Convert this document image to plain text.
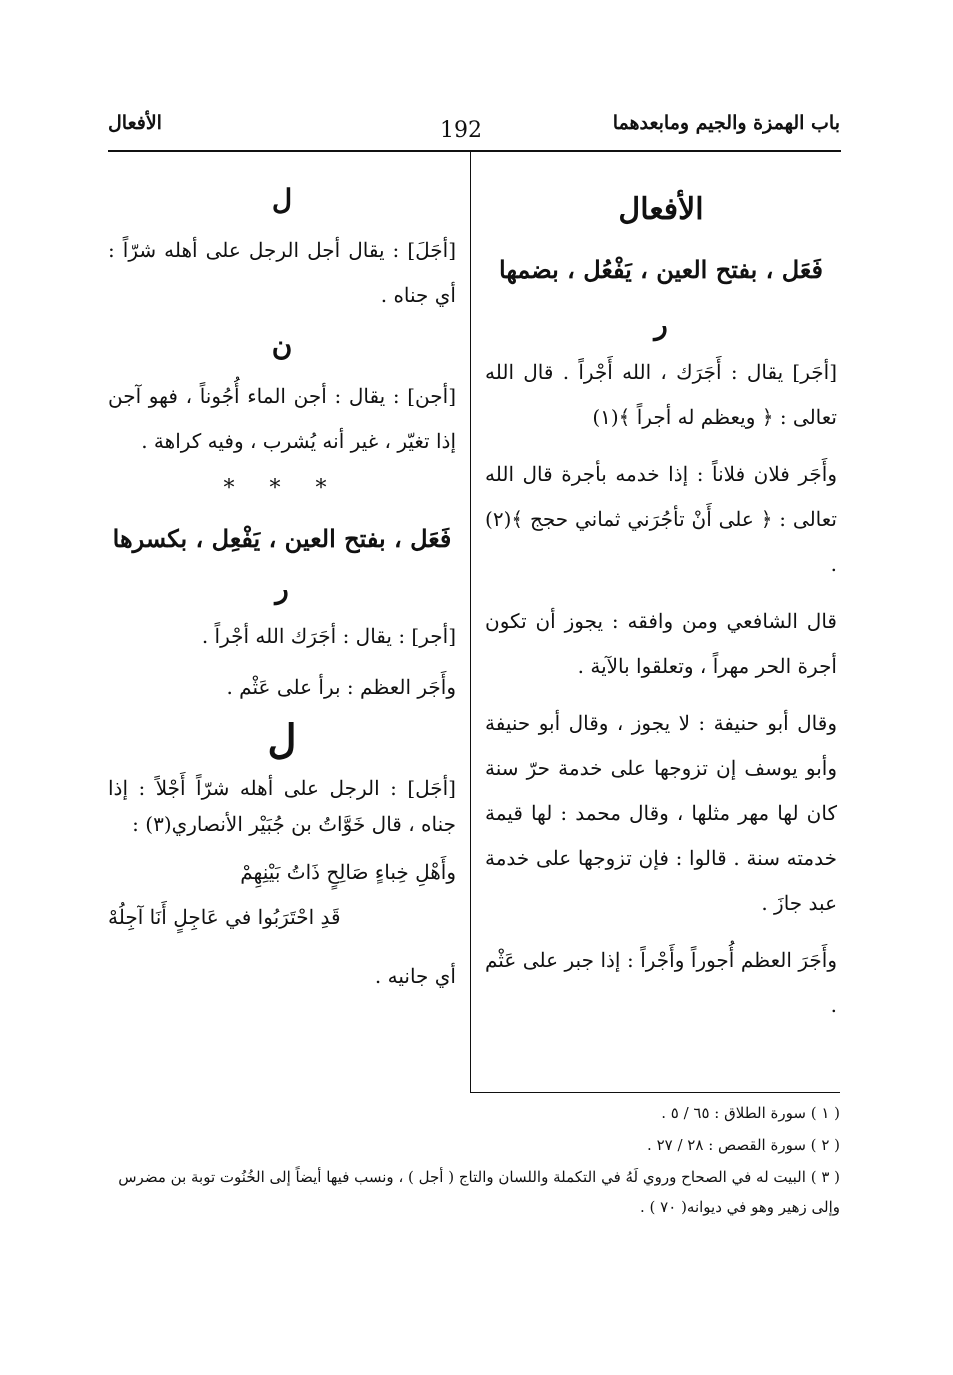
باب الهمزة والجيم ومابعدهما
192
الأفعال
الأفعال
فَعَل ، بفتح العين ، يَفْعُل ، بضمها
ر

[أجَر] يقال : أَجَرَك ، الله أَجْراً . قال الله تعالى : ﴿ ويعظم له أجراً ﴾(١)

وأَجَر فلان فلاناً : إذا خدمه بأجرة قال الله تعالى : ﴿ على أَنْ تأجُرَني ثماني حجج ﴾(٢) .

قال الشافعي ومن وافقه : يجوز أن تكون أجرة الحر مهراً ، وتعلقوا بالآية .

وقال أبو حنيفة : لا يجوز ، وقال أبو حنيفة وأبو يوسف إن تزوجها على خدمة حرّ سنة كان لها مهر مثلها ، وقال محمد : لها قيمة خدمته سنة . قالوا : فإن تزوجها على خدمة عبد جازَ .

وأَجَرَ العظم أُجوراً وأَجْراً : إذا جبر على عَثْم .

ل

[أجَلَ] : يقال أجل الرجل على أهله شرّاً : أي جناه .

ن

[أجن] : يقال : أجن الماء أُجُوناً ، فهو آجن إذا تغيّر ، غير أنه يُشرب ، وفيه كراهة .

* * *
فَعَل ، بفتح العين ، يَفْعِل ، بكسرها
ر

[أجر] : يقال : أجَرَك الله أجْراً .

وأَجَر العظم : برأ على عَثْم .

ل

[أجَل] : الرجل على أهله شرّاً أَجْلاً : إذا جناه ، قال خَوَّاتُ بن جُبَيْر الأنصاري(٣) :

وأَهْلِ خِباءٍ صَالِحٍ ذَاتُ بَيْنِهِمْ

قَدِ احْتَرَبُوا في عَاجِلٍ أَنَا آجِلُهْ

أي جانيه .

( ١ ) سورة الطلاق : ٦٥ / ٥ .
( ٢ ) سورة القصص : ٢٨ / ٢٧ .
( ٣ ) البيت له في الصحاح وروي لَهُ في التكملة واللسان والتاج ( أجل ) ، ونسب فيها أيضاً إلى الخُنُوت توبة بن مضرس وإلى زهير وهو في ديوانه( ٧٠ ) .
